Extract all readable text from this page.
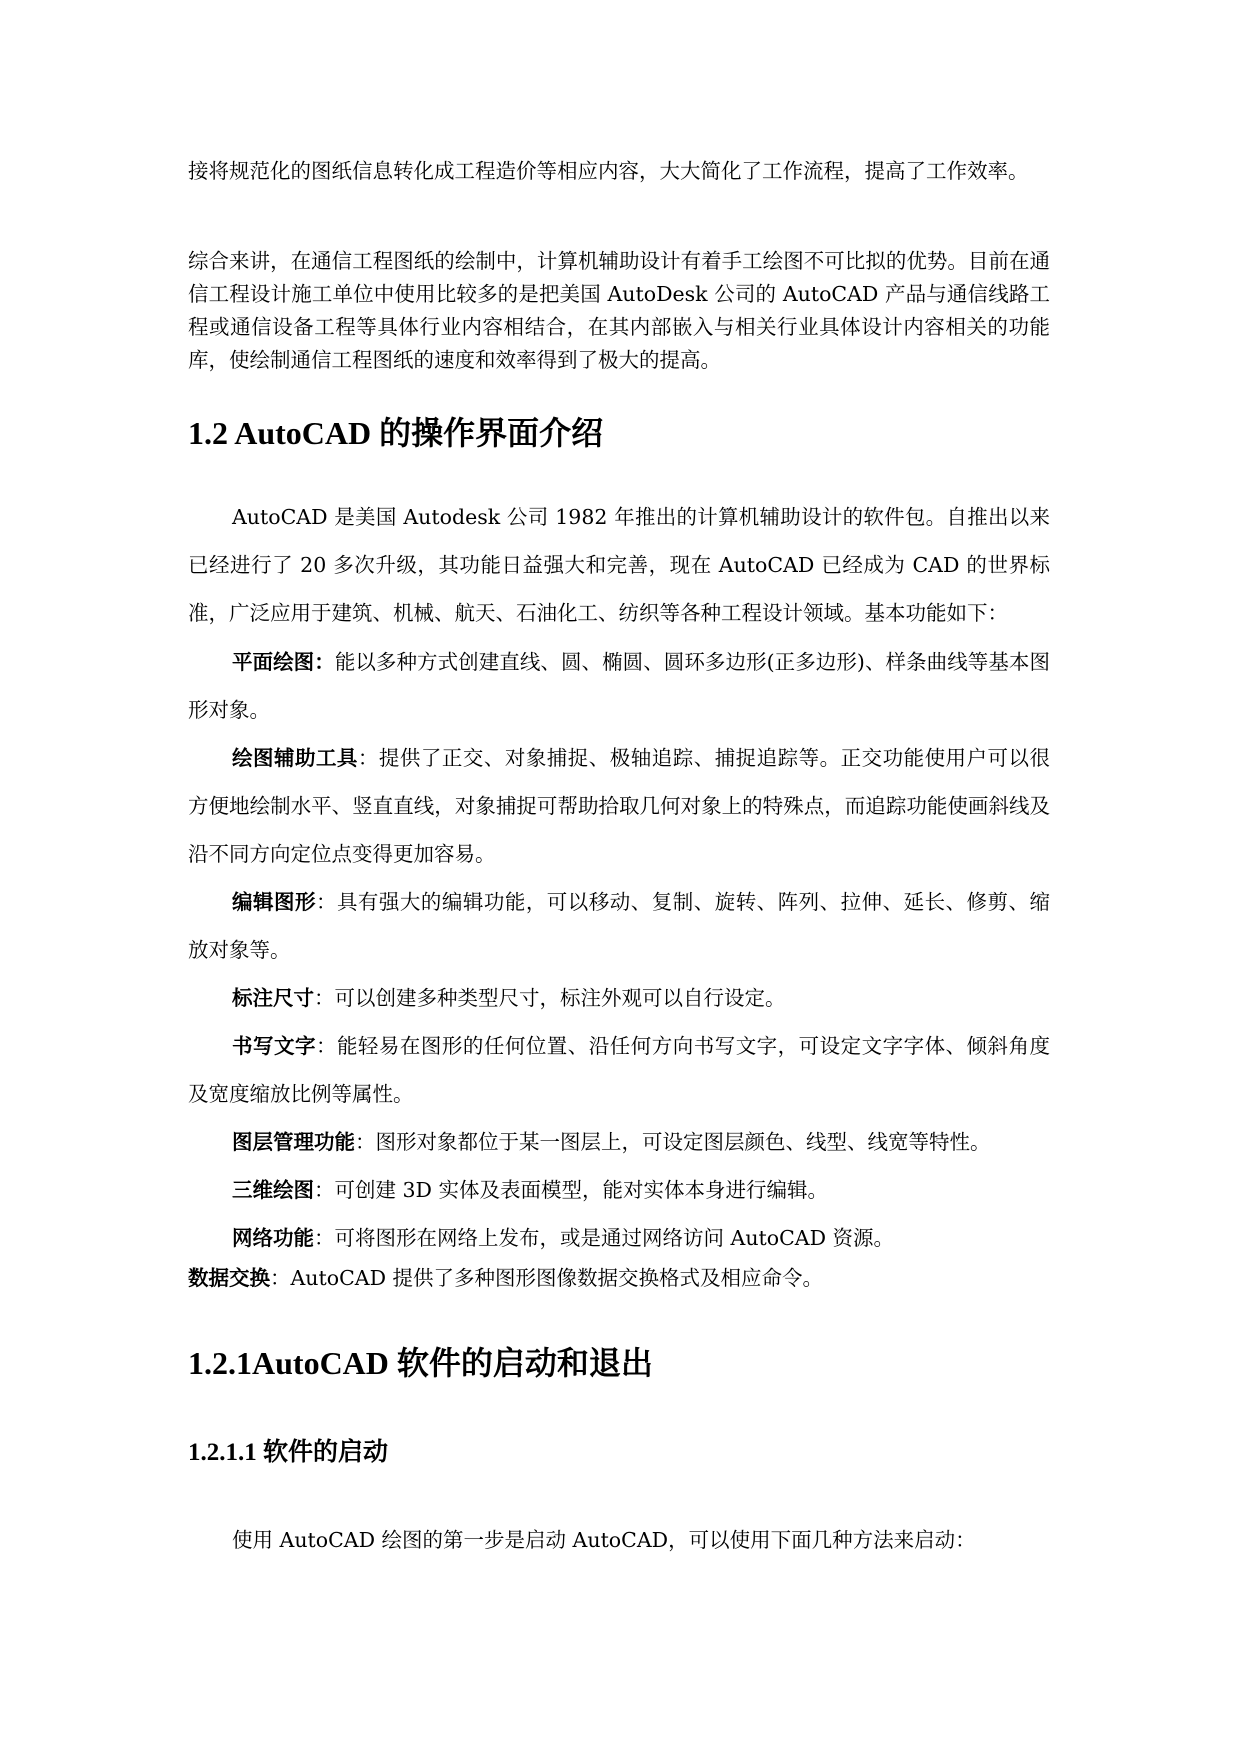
接将规范化的图纸信息转化成工程造价等相应内容，大大简化了工作流程，提高了工作效率。

综合来讲，在通信工程图纸的绘制中，计算机辅助设计有着手工绘图不可比拟的优势。目前在通信工程设计施工单位中使用比较多的是把美国 AutoDesk 公司的 AutoCAD 产品与通信线路工程或通信设备工程等具体行业内容相结合，在其内部嵌入与相关行业具体设计内容相关的功能库，使绘制通信工程图纸的速度和效率得到了极大的提高。

1.2 AutoCAD 的操作界面介绍

AutoCAD 是美国 Autodesk 公司 1982 年推出的计算机辅助设计的软件包。自推出以来已经进行了 20 多次升级，其功能日益强大和完善，现在 AutoCAD 已经成为 CAD 的世界标准，广泛应用于建筑、机械、航天、石油化工、纺织等各种工程设计领域。基本功能如下：

平面绘图：能以多种方式创建直线、圆、椭圆、圆环多边形(正多边形)、样条曲线等基本图形对象。

绘图辅助工具：提供了正交、对象捕捉、极轴追踪、捕捉追踪等。正交功能使用户可以很方便地绘制水平、竖直直线，对象捕捉可帮助拾取几何对象上的特殊点，而追踪功能使画斜线及沿不同方向定位点变得更加容易。

编辑图形：具有强大的编辑功能，可以移动、复制、旋转、阵列、拉伸、延长、修剪、缩放对象等。

标注尺寸：可以创建多种类型尺寸，标注外观可以自行设定。

书写文字：能轻易在图形的任何位置、沿任何方向书写文字，可设定文字字体、倾斜角度及宽度缩放比例等属性。

图层管理功能：图形对象都位于某一图层上，可设定图层颜色、线型、线宽等特性。

三维绘图：可创建 3D 实体及表面模型，能对实体本身进行编辑。

网络功能：可将图形在网络上发布，或是通过网络访问 AutoCAD 资源。

数据交换：AutoCAD 提供了多种图形图像数据交换格式及相应命令。

1.2.1AutoCAD 软件的启动和退出
1.2.1.1 软件的启动

使用 AutoCAD 绘图的第一步是启动 AutoCAD，可以使用下面几种方法来启动：
